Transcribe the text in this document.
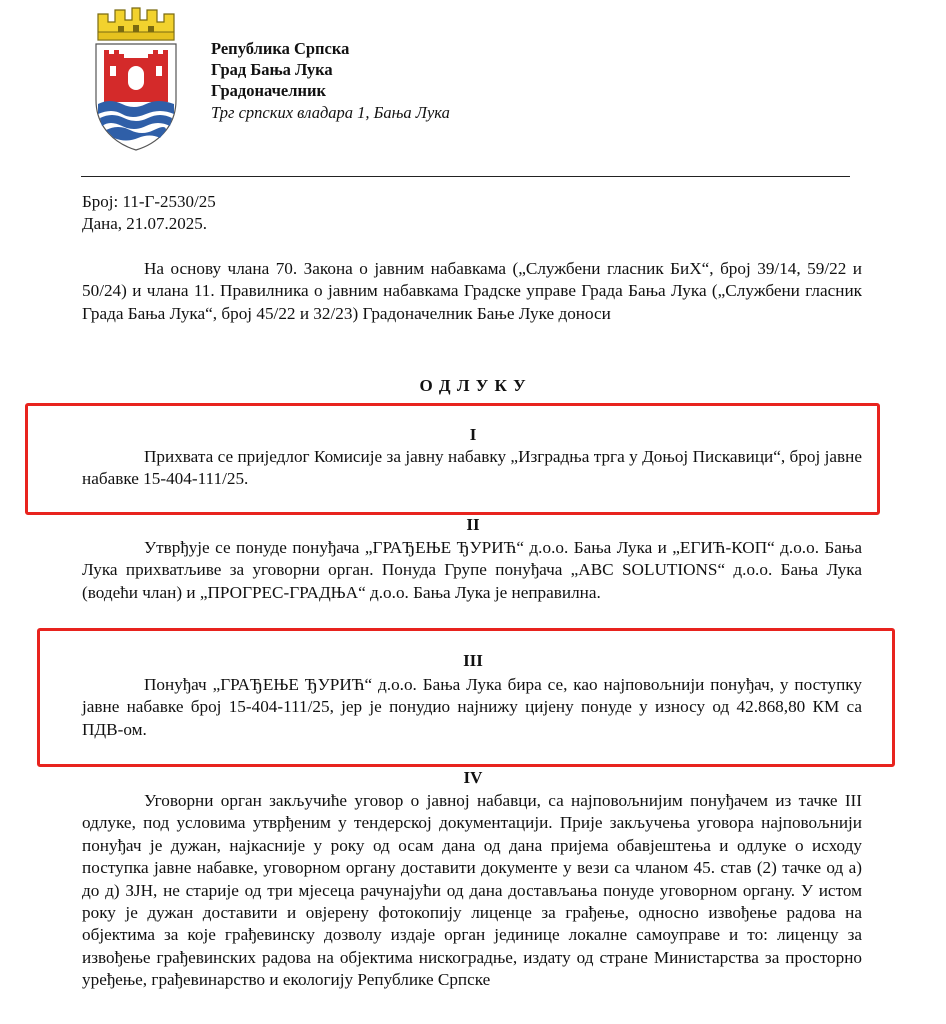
Република Српска
Град Бања Лука
Градоначелник
Трг српских владара 1, Бања Лука
Број: 11-Г-2530/25
Дана, 21.07.2025.

На основу члана 70. Закона о јавним набавкама („Службени гласник БиХ“, број 39/14, 59/22 и 50/24) и члана 11. Правилника о јавним набавкама Градске управе Града Бања Лука („Службени гласник Града Бања Лука“, број 45/22 и 32/23) Градоначелник Бање Луке доноси

О Д Л У К У
I

Прихвата се приједлог Комисије за јавну набавку „Изградња трга у Доњој Пискавици“, број јавне набавке 15-404-111/25.

II

Утврђује се понуде понуђача „ГРАЂЕЊЕ ЂУРИЋ“ д.о.о. Бања Лука и „ЕГИЋ-КОП“ д.о.о. Бања Лука прихватљиве за уговорни орган. Понуда Групе понуђача „ABC SOLUTIONS“ д.о.о. Бања Лука (водећи члан) и „ПРОГРЕС-ГРАДЊА“ д.о.о. Бања Лука је неправилна.

III

Понуђач „ГРАЂЕЊЕ ЂУРИЋ“ д.о.о. Бања Лука бира се, као најповољнији понуђач, у поступку јавне набавке број 15-404-111/25, јер је понудио најнижу цијену понуде у износу од 42.868,80 КМ са ПДВ-ом.

IV

Уговорни орган закључиће уговор о јавној набавци, са најповољнијим понуђачем из тачке III одлуке, под условима утврђеним у тендерској документацији. Прије закључења уговора најповољнији понуђач је дужан, најкасније у року од осам дана од дана пријема обавјештења и одлуке о исходу поступка јавне набавке, уговорном органу доставити документе у вези са чланом 45. став (2) тачке од а) до д) ЗЈН, не старије од три мјесеца рачунајући од дана достављања понуде уговорном органу. У истом року је дужан доставити и овјерену фотокопију лиценце за грађење, односно извођење радова на објектима за које грађевинску дозволу издаје орган јединице локалне самоуправе и то: лиценцу за извођење грађевинских радова на објектима нискоградње, издату од стране Министарства за просторно уређење, грађевинарство и екологију Републике Српске
